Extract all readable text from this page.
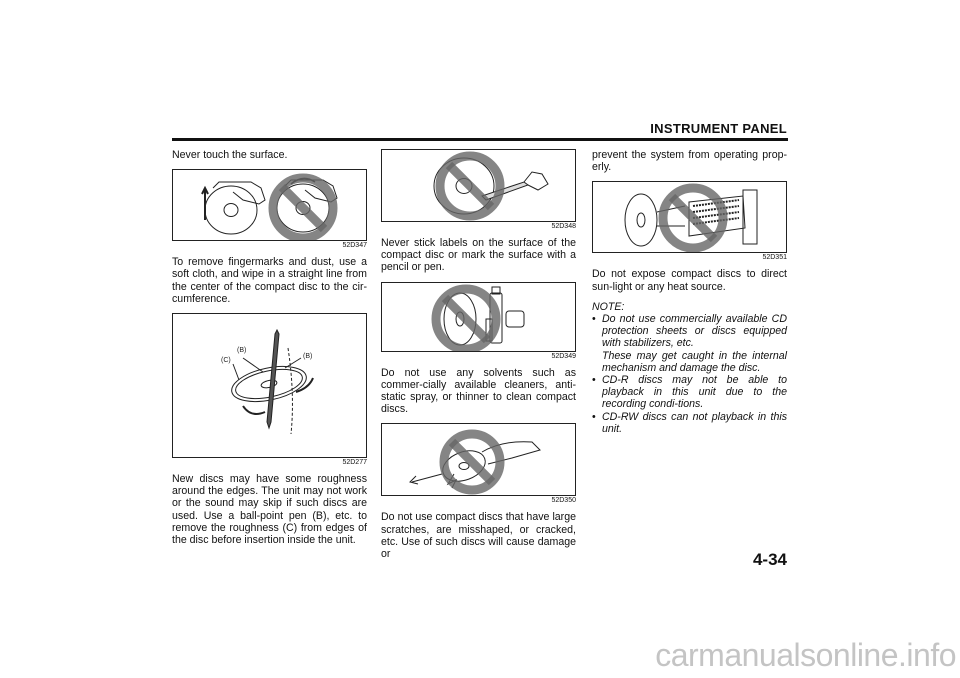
INSTRUMENT PANEL

Never touch the surface.

52D347

To remove fingermarks and dust, use a soft cloth, and wipe in a straight line from the center of the compact disc to the cir-cumference.

(B)
(C)
(B)
52D277

New discs may have some roughness around the edges. The unit may not work or the sound may skip if such discs are used. Use a ball-point pen (B), etc. to remove the roughness (C) from edges of the disc before insertion inside the unit.

52D348

Never stick labels on the surface of the compact disc or mark the surface with a pencil or pen.

52D349

Do not use any solvents such as commer-cially available cleaners, anti-static spray, or thinner to clean compact discs.

52D350

Do not use compact discs that have large scratches, are misshaped, or cracked, etc. Use of such discs will cause damage or

prevent the system from operating prop-erly.

52D351

Do not expose compact discs to direct sun-light or any heat source.

NOTE:
• Do not use commercially available CD protection sheets or discs equipped with stabilizers, etc.
These may get caught in the internal mechanism and damage the disc.
• CD-R discs may not be able to playback in this unit due to the recording condi-tions.
• CD-RW discs can not playback in this unit.
4-34
carmanualsonline.info
